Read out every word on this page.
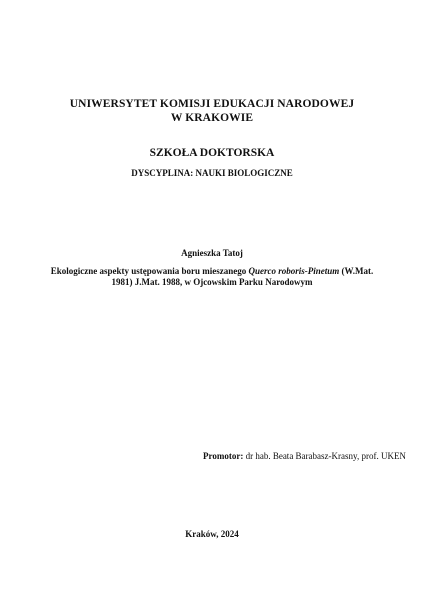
UNIWERSYTET KOMISJI EDUKACJI NARODOWEJ
W KRAKOWIE
SZKOŁA DOKTORSKA
DYSCYPLINA: NAUKI BIOLOGICZNE
Agnieszka Tatoj
Ekologiczne aspekty ustępowania boru mieszanego Querco roboris-Pinetum (W.Mat.
1981) J.Mat. 1988, w Ojcowskim Parku Narodowym
Promotor: dr hab. Beata Barabasz-Krasny, prof. UKEN
Kraków, 2024
